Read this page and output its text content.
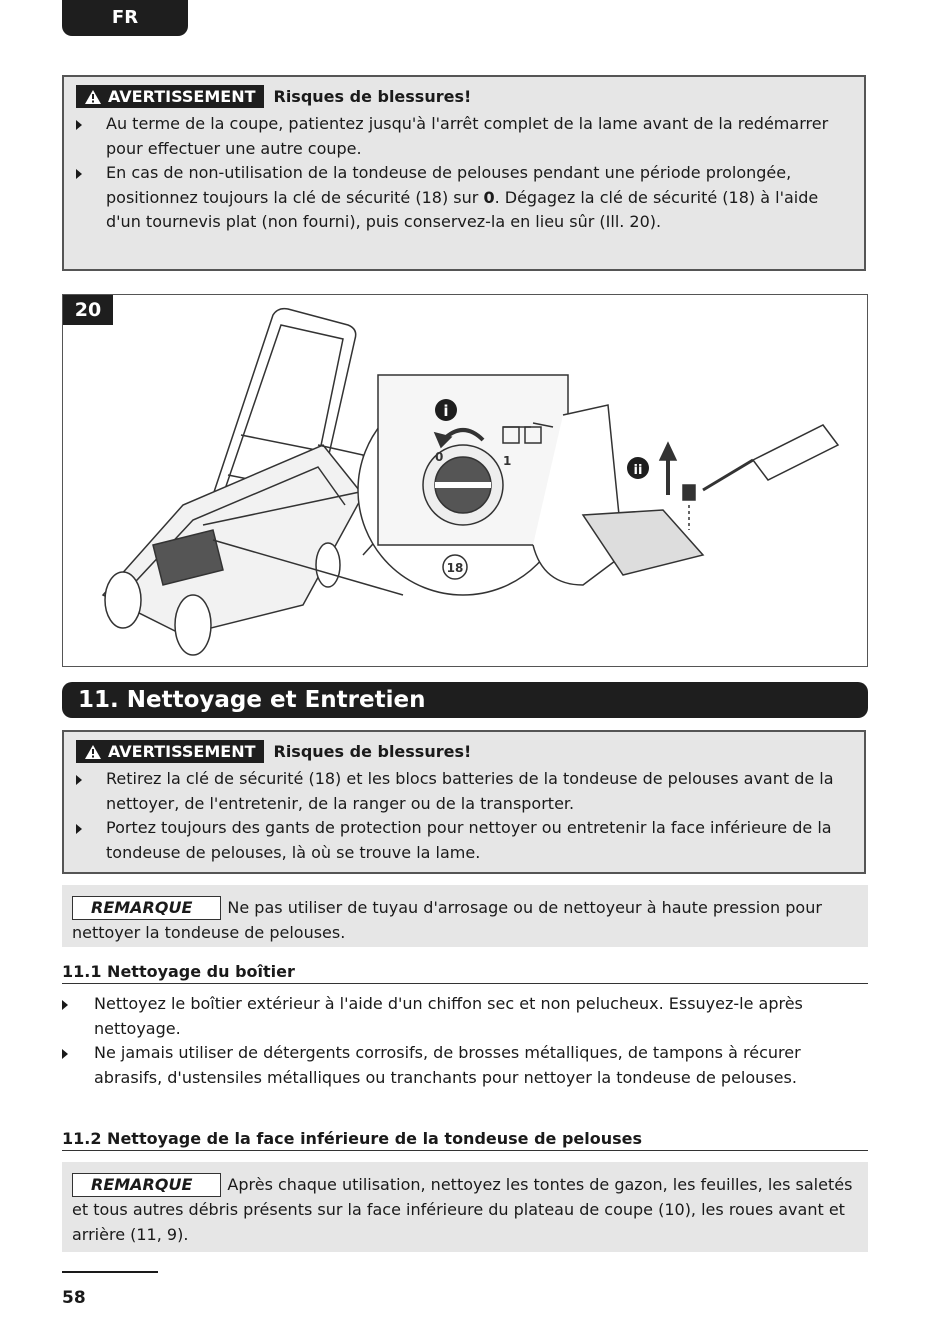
FR
AVERTISSEMENT Risques de blessures!
Au terme de la coupe, patientez jusqu'à l'arrêt complet de la lame avant de la redémarrer pour effectuer une autre coupe.
En cas de non-utilisation de la tondeuse de pelouses pendant une période prolongée, positionnez toujours la clé de sécurité (18) sur 0. Dégagez la clé de sécurité (18) à l'aide d'un tournevis plat (non fourni), puis conservez-la en lieu sûr (Ill. 20).
20
i
ii
0	1
18
11. Nettoyage et Entretien
AVERTISSEMENT Risques de blessures!
Retirez la clé de sécurité (18) et les blocs batteries de la tondeuse de pelouses avant de la nettoyer, de l'entretenir, de la ranger ou de la transporter.
Portez toujours des gants de protection pour nettoyer ou entretenir la face inférieure de la tondeuse de pelouses, là où se trouve la lame.
REMARQUE Ne pas utiliser de tuyau d'arrosage ou de nettoyeur à haute pression pour nettoyer la tondeuse de pelouses.
11.1 Nettoyage du boîtier
Nettoyez le boîtier extérieur à l'aide d'un chiffon sec et non pelucheux. Essuyez-le après nettoyage.
Ne jamais utiliser de détergents corrosifs, de brosses métalliques, de tampons à récurer abrasifs, d'ustensiles métalliques ou tranchants pour nettoyer la tondeuse de pelouses.
11.2 Nettoyage de la face inférieure de la tondeuse de pelouses
REMARQUE Après chaque utilisation, nettoyez les tontes de gazon, les feuilles, les saletés et tous autres débris présents sur la face inférieure du plateau de coupe (10), les roues avant et arrière (11, 9).
58
